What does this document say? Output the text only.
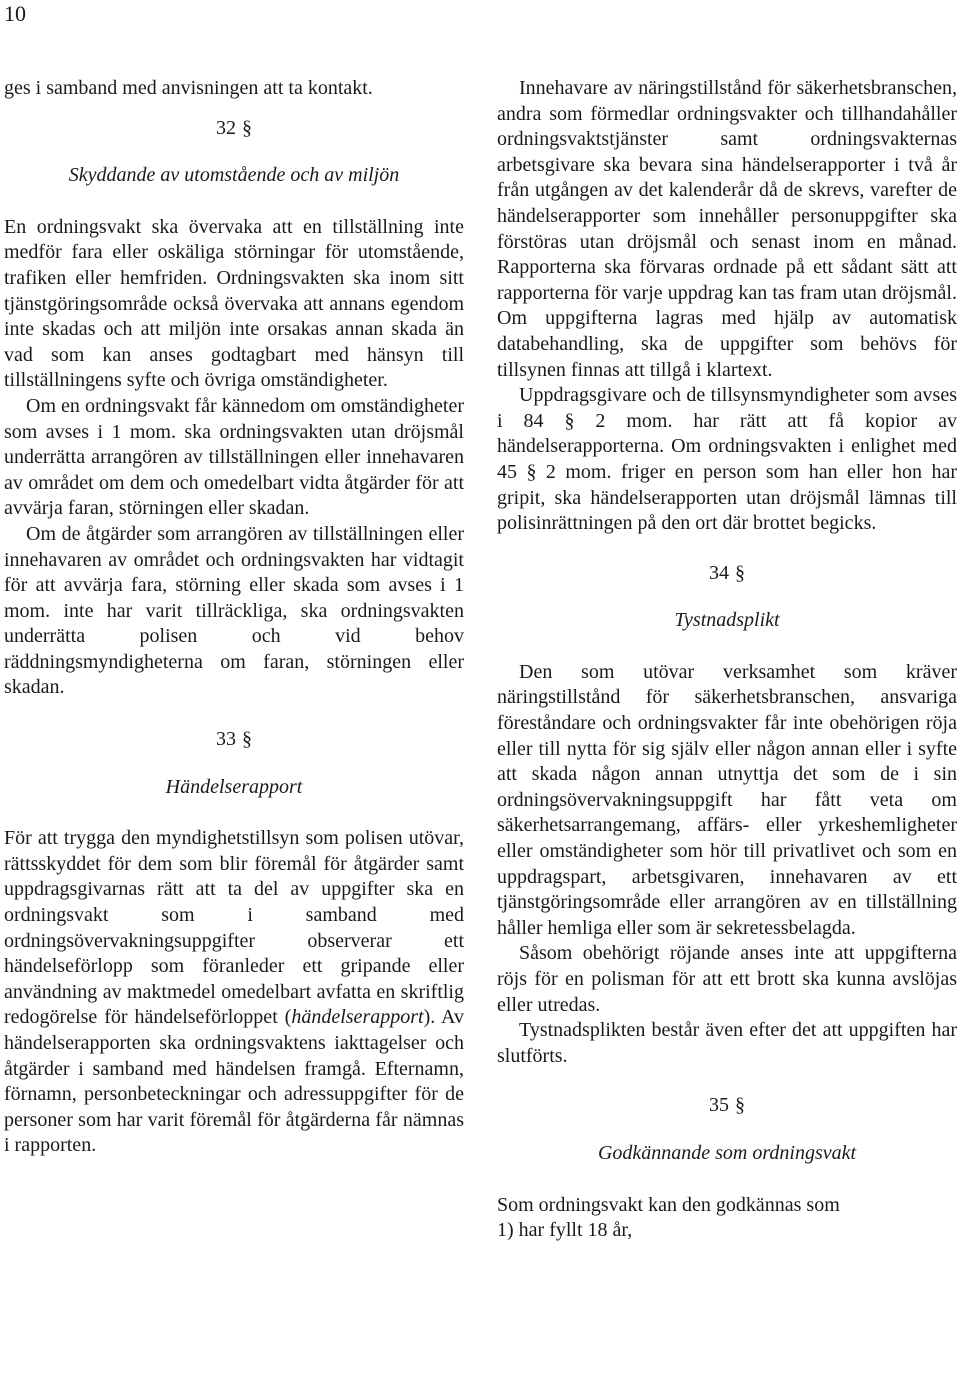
10

ges i samband med anvisningen att ta kontakt.

32 §
Skyddande av utomstående och av miljön

En ordningsvakt ska övervaka att en tillställning inte medför fara eller oskäliga störningar för utomstående, trafiken eller hemfriden. Ordningsvakten ska inom sitt tjänstgöringsområde också övervaka att annans egendom inte skadas och att miljön inte orsakas annan skada än vad som kan anses godtagbart med hänsyn till tillställningens syfte och övriga omständigheter.

Om en ordningsvakt får kännedom om omständigheter som avses i 1 mom. ska ordningsvakten utan dröjsmål underrätta arrangören av tillställningen eller innehavaren av området om dem och omedelbart vidta åtgärder för att avvärja faran, störningen eller skadan.

Om de åtgärder som arrangören av tillställningen eller innehavaren av området och ordningsvakten har vidtagit för att avvärja fara, störning eller skada som avses i 1 mom. inte har varit tillräckliga, ska ordningsvakten underrätta polisen och vid behov räddningsmyndigheterna om faran, störningen eller skadan.

33 §
Händelserapport

För att trygga den myndighetstillsyn som polisen utövar, rättsskyddet för dem som blir föremål för åtgärder samt uppdragsgivarnas rätt att ta del av uppgifter ska en ordningsvakt som i samband med ordningsövervakningsuppgifter observerar ett händelseförlopp som föranleder ett gripande eller användning av maktmedel omedelbart avfatta en skriftlig redogörelse för händelseförloppet (händelserapport). Av händelserapporten ska ordningsvaktens iakttagelser och åtgärder i samband med händelsen framgå. Efternamn, förnamn, personbeteckningar och adressuppgifter för de personer som har varit föremål för åtgärderna får nämnas i rapporten.

Innehavare av näringstillstånd för säkerhetsbranschen, andra som förmedlar ordningsvakter och tillhandahåller ordningsvaktstjänster samt ordningsvakternas arbetsgivare ska bevara sina händelserapporter i två år från utgången av det kalenderår då de skrevs, varefter de händelserapporter som innehåller personuppgifter ska förstöras utan dröjsmål och senast inom en månad. Rapporterna ska förvaras ordnade på ett sådant sätt att rapporterna för varje uppdrag kan tas fram utan dröjsmål. Om uppgifterna lagras med hjälp av automatisk databehandling, ska de uppgifter som behövs för tillsynen finnas att tillgå i klartext.

Uppdragsgivare och de tillsynsmyndigheter som avses i 84 § 2 mom. har rätt att få kopior av händelserapporterna. Om ordningsvakten i enlighet med 45 § 2 mom. friger en person som han eller hon har gripit, ska händelserapporten utan dröjsmål lämnas till polisinrättningen på den ort där brottet begicks.

34 §
Tystnadsplikt

Den som utövar verksamhet som kräver näringstillstånd för säkerhetsbranschen, ansvariga föreståndare och ordningsvakter får inte obehörigen röja eller till nytta för sig själv eller någon annan eller i syfte att skada någon annan utnyttja det som de i sin ordningsövervakningsuppgift har fått veta om säkerhetsarrangemang, affärs- eller yrkeshemligheter eller omständigheter som hör till privatlivet och som en uppdragspart, arbetsgivaren, innehavaren av ett tjänstgöringsområde eller arrangören av en tillställning håller hemliga eller som är sekretessbelagda.

Såsom obehörigt röjande anses inte att uppgifterna röjs för en polisman för att ett brott ska kunna avslöjas eller utredas.

Tystnadsplikten består även efter det att uppgiften har slutförts.

35 §
Godkännande som ordningsvakt

Som ordningsvakt kan den godkännas som

1) har fyllt 18 år,
